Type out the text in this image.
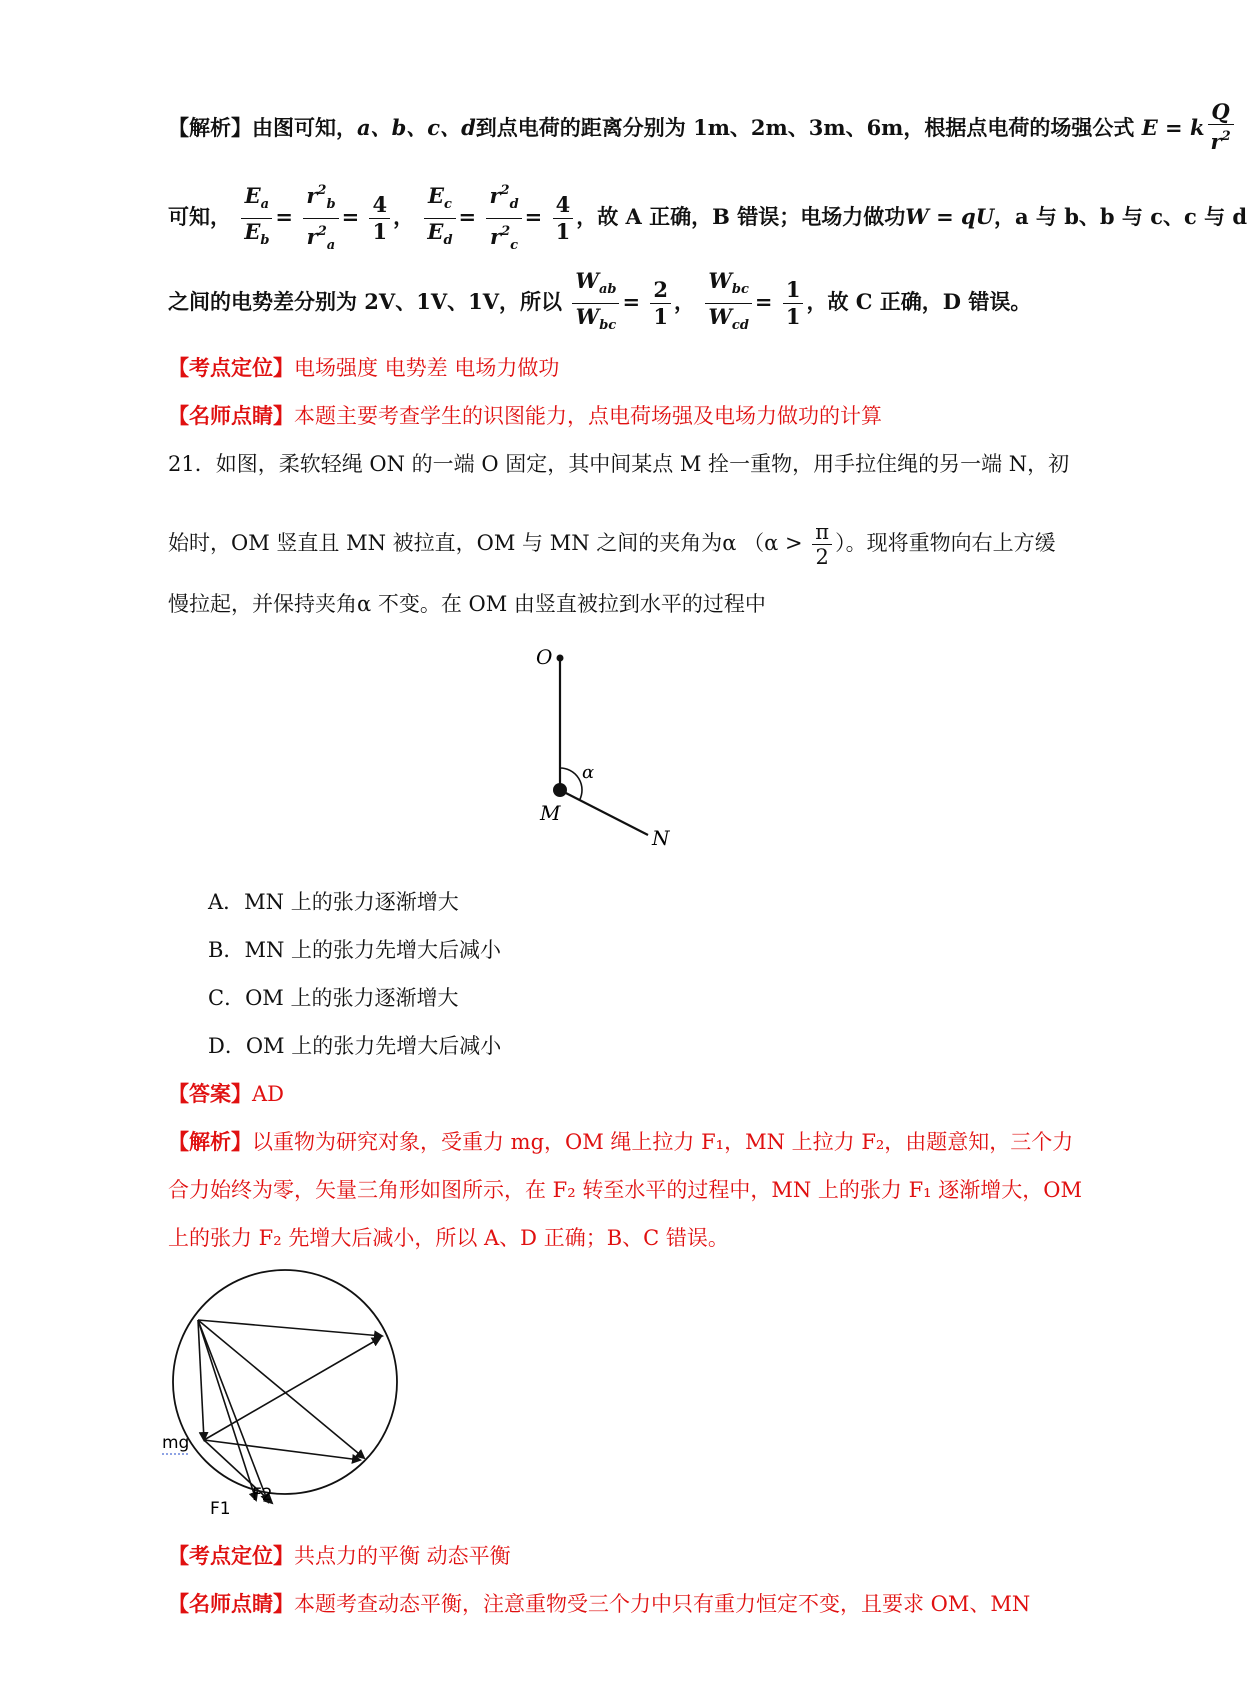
【解析】由图可知，a、b、c、d到点电荷的距离分别为 1m、2m、3m、6m，根据点电荷的场强公式 E = k $\frac{Q}{r^2}$
可知， $\frac{E_a}{E_b} = \frac{r^2_b}{r^2_a} = \frac{4}{1}$ ， $\frac{E_c}{E_d} = \frac{r^2_d}{r^2_c} = \frac{4}{1}$ ，故 A 正确，B 错误；电场力做功W = qU，a 与 b、b 与 c、c 与 d
之间的电势差分别为 2V、1V、1V，所以 $\frac{W_{ab}}{W_{bc}} = \frac{2}{1}$ ， $\frac{W_{bc}}{W_{cd}} = \frac{1}{1}$ ，故 C 正确，D 错误。
【考点定位】电场强度 电势差 电场力做功
【名师点睛】本题主要考查学生的识图能力，点电荷场强及电场力做功的计算
21．如图，柔软轻绳 ON 的一端 O 固定，其中间某点 M 拴一重物，用手拉住绳的另一端 N，初
始时，OM 竖直且 MN 被拉直，OM 与 MN 之间的夹角为α （$\alpha > \frac{\pi}{2}$ ）。现将重物向右上方缓
慢拉起，并保持夹角α 不变。在 OM 由竖直被拉到水平的过程中
O
M
N
α
A．MN 上的张力逐渐增大
B．MN 上的张力先增大后减小
C．OM 上的张力逐渐增大
D．OM 上的张力先增大后减小
【答案】AD
【解析】以重物为研究对象，受重力 mg，OM 绳上拉力 F₁，MN 上拉力 F₂，由题意知，三个力
合力始终为零，矢量三角形如图所示，在 F₂ 转至水平的过程中，MN 上的张力 F₁ 逐渐增大，OM
上的张力 F₂ 先增大后减小，所以 A、D 正确；B、C 错误。
mg
F1
F2
【考点定位】共点力的平衡 动态平衡
【名师点睛】本题考查动态平衡，注意重物受三个力中只有重力恒定不变，且要求 OM、MN
